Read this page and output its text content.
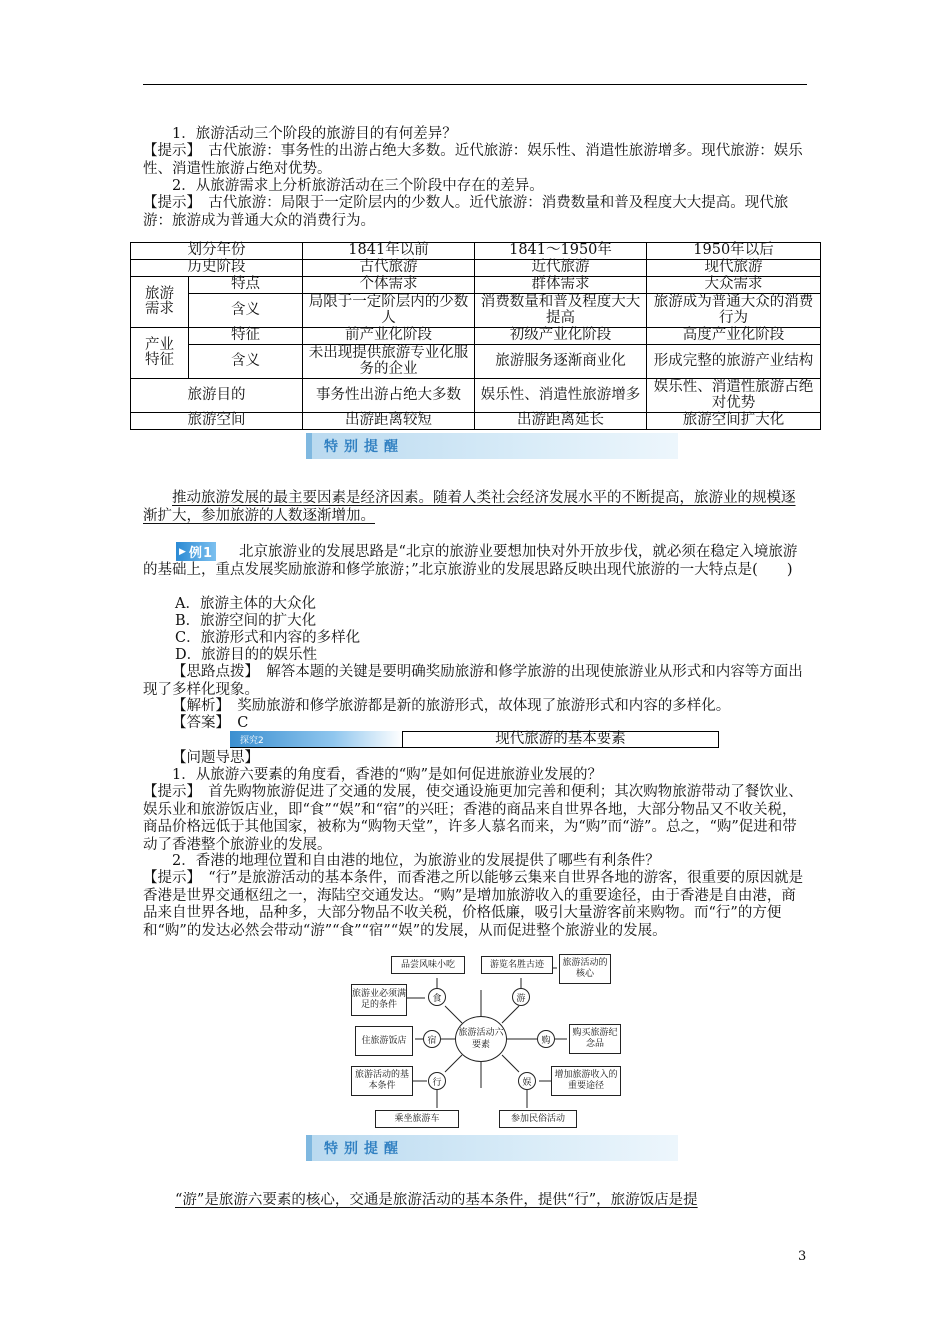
1．旅游活动三个阶段的旅游目的有何差异？

【提示】　古代旅游：事务性的出游占绝大多数。近代旅游：娱乐性、消遣性旅游增多。现代旅游：娱乐性、消遣性旅游占绝对优势。

2．从旅游需求上分析旅游活动在三个阶段中存在的差异。

【提示】　古代旅游：局限于一定阶层内的少数人。近代旅游：消费数量和普及程度大大提高。现代旅游：旅游成为普通大众的消费行为。

划分年份		1841年以前	1841～1950年	1950年以后
历史阶段		古代旅游	近代旅游	现代旅游
旅游需求	特点	个体需求	群体需求	大众需求
	含义	局限于一定阶层内的少数人	消费数量和普及程度大大提高	旅游成为普通大众的消费行为
产业特征	特征	前产业化阶段	初级产业化阶段	高度产业化阶段
	含义	未出现提供旅游专业化服务的企业	旅游服务逐渐商业化	形成完整的旅游产业结构
旅游目的		事务性出游占绝大多数	娱乐性、消遣性旅游增多	娱乐性、消遣性旅游占绝对优势
旅游空间		出游距离较短	出游距离延长	旅游空间扩大化
特别提醒

推动旅游发展的最主要因素是经济因素。随着人类社会经济发展水平的不断提高，旅游业的规模逐渐扩大，参加旅游的人数逐渐增加。

▶ 例1	北京旅游业的发展思路是“北京的旅游业要想加快对外开放步伐，就必须在稳定入境旅游的基础上，重点发展奖励旅游和修学旅游；”北京旅游业的发展思路反映出现代旅游的一大特点是(　　)

A．旅游主体的大众化

B．旅游空间的扩大化

C．旅游形式和内容的多样化

D．旅游目的的娱乐性

【思路点拨】　解答本题的关键是要明确奖励旅游和修学旅游的出现使旅游业从形式和内容等方面出现了多样化现象。

【解析】　奖励旅游和修学旅游都是新的旅游形式，故体现了旅游形式和内容的多样化。

【答案】　C

探究2	现代旅游的基本要素

【问题导思】

1．从旅游六要素的角度看，香港的“购”是如何促进旅游业发展的？

【提示】　首先购物旅游促进了交通的发展，使交通设施更加完善和便利；其次购物旅游带动了餐饮业、娱乐业和旅游饭店业，即“食”“娱”和“宿”的兴旺；香港的商品来自世界各地，大部分物品又不收关税，商品价格远低于其他国家，被称为“购物天堂”，许多人慕名而来，为“购”而“游”。总之，“购”促进和带动了香港整个旅游业的发展。

2．香港的地理位置和自由港的地位，为旅游业的发展提供了哪些有利条件？

【提示】　“行”是旅游活动的基本条件，而香港之所以能够云集来自世界各地的游客，很重要的原因就是香港是世界交通枢纽之一，海陆空交通发达。“购”是增加旅游收入的重要途径，由于香港是自由港，商品来自世界各地，品种多，大部分物品不收关税，价格低廉，吸引大量游客前来购物。而“行”的方便和“购”的发达必然会带动“游”“食”“宿”“娱”的发展，从而促进整个旅游业的发展。

品尝风味小吃	游览名胜古迹	旅游活动的核心
旅游业必须满足的条件
住旅游饭店
购买旅游纪念品
旅游活动的基本条件
增加旅游收入的重要途径
乘坐旅游车	参加民俗活动
食	游
宿	购
行	娱
旅游活动六要素
特别提醒

“游”是旅游六要素的核心，交通是旅游活动的基本条件，提供“行”，旅游饭店是提

3
